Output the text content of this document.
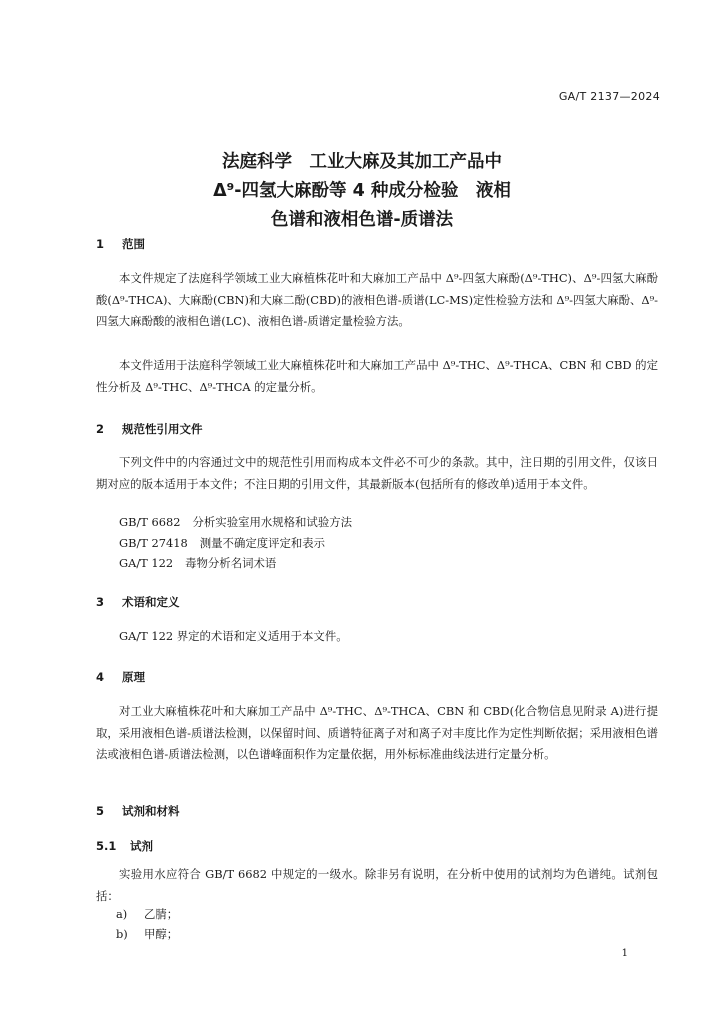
GA/T 2137—2024
法庭科学　工业大麻及其加工产品中
Δ⁹-四氢大麻酚等 4 种成分检验　液相
色谱和液相色谱-质谱法
1 范围
本文件规定了法庭科学领域工业大麻植株花叶和大麻加工产品中 Δ⁹-四氢大麻酚(Δ⁹-THC)、Δ⁹-四氢大麻酚酸(Δ⁹-THCA)、大麻酚(CBN)和大麻二酚(CBD)的液相色谱-质谱(LC-MS)定性检验方法和 Δ⁹-四氢大麻酚、Δ⁹-四氢大麻酚酸的液相色谱(LC)、液相色谱-质谱定量检验方法。
本文件适用于法庭科学领域工业大麻植株花叶和大麻加工产品中 Δ⁹-THC、Δ⁹-THCA、CBN 和 CBD 的定性分析及 Δ⁹-THC、Δ⁹-THCA 的定量分析。
2 规范性引用文件
下列文件中的内容通过文中的规范性引用而构成本文件必不可少的条款。其中，注日期的引用文件，仅该日期对应的版本适用于本文件；不注日期的引用文件，其最新版本(包括所有的修改单)适用于本文件。
GB/T 6682 分析实验室用水规格和试验方法
GB/T 27418 测量不确定度评定和表示
GA/T 122 毒物分析名词术语
3 术语和定义
GA/T 122 界定的术语和定义适用于本文件。
4 原理
对工业大麻植株花叶和大麻加工产品中 Δ⁹-THC、Δ⁹-THCA、CBN 和 CBD(化合物信息见附录 A)进行提取，采用液相色谱-质谱法检测，以保留时间、质谱特征离子对和离子对丰度比作为定性判断依据；采用液相色谱法或液相色谱-质谱法检测，以色谱峰面积作为定量依据，用外标标准曲线法进行定量分析。
5 试剂和材料
5.1 试剂
实验用水应符合 GB/T 6682 中规定的一级水。除非另有说明，在分析中使用的试剂均为色谱纯。试剂包括：
a) 乙腈；
b) 甲醇；
1
